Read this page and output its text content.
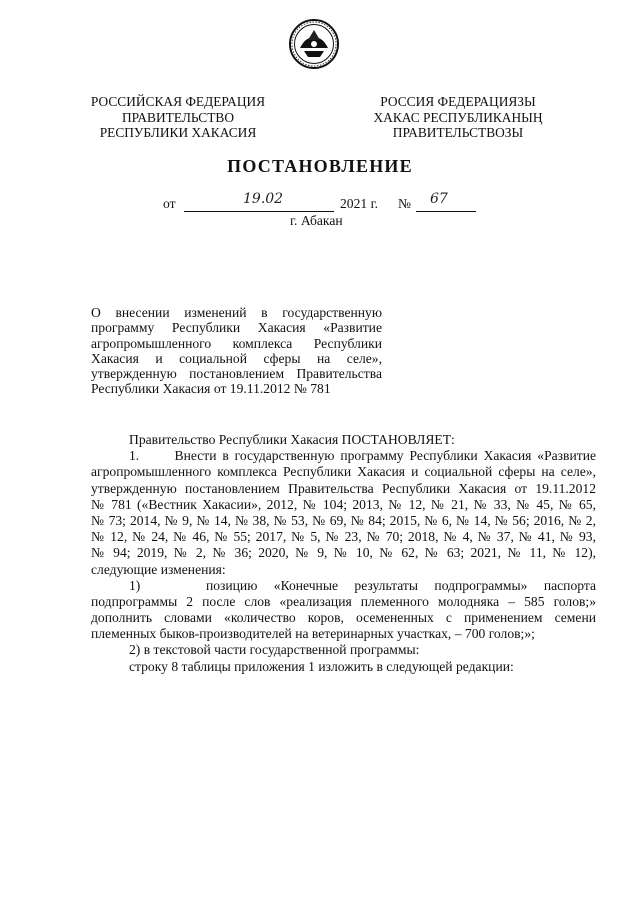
РОССИЙСКАЯ ФЕДЕРАЦИЯ
ПРАВИТЕЛЬСТВО
РЕСПУБЛИКИ ХАКАСИЯ
РОССИЯ ФЕДЕРАЦИЯЗЫ
ХАКАС РЕСПУБЛИКАНЫҢ
ПРАВИТЕЛЬСТВОЗЫ
ПОСТАНОВЛЕНИЕ
от	19.02	2021 г. № 67
г. Абакан
О внесении изменений в государственную
программу Республики Хакасия «Развитие
агропромышленного комплекса Республики
Хакасия и социальной сферы на селе»,
утвержденную постановлением Правительства
Республики Хакасия от 19.11.2012 № 781
Правительство Республики Хакасия ПОСТАНОВЛЯЕТ:
1.      Внести в государственную программу Республики Хакасия «Развитие
агропромышленного комплекса Республики Хакасия и социальной сферы на селе»,
утвержденную постановлением Правительства Республики Хакасия от 19.11.2012
№ 781 («Вестник Хакасии», 2012, № 104; 2013, № 12, № 21, № 33, № 45, № 65,
№ 73; 2014, № 9, № 14, № 38, № 53, № 69, № 84; 2015, № 6, № 14, № 56; 2016, № 2,
№ 12, № 24, № 46, № 55; 2017, № 5, № 23, № 70; 2018, № 4, № 37, № 41, № 93,
№ 94; 2019, № 2, № 36; 2020, № 9, № 10, № 62, № 63; 2021, № 11, № 12),
следующие изменения:
1)    позицию «Конечные результаты подпрограммы» паспорта
подпрограммы 2 после слов «реализация племенного молодняка – 585 голов;»
дополнить словами «количество коров, осемененных с применением семени
племенных быков-производителей на ветеринарных участках, – 700 голов;»;
2) в текстовой части государственной программы:
строку 8 таблицы приложения 1 изложить в следующей редакции:
